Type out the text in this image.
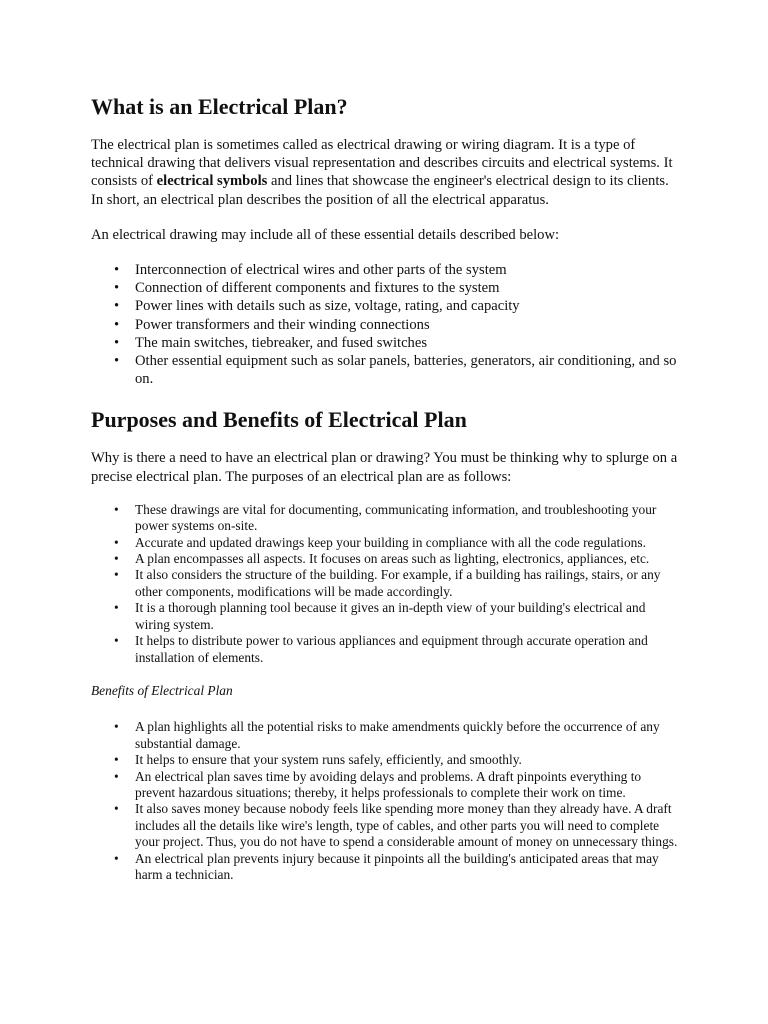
What is an Electrical Plan?

The electrical plan is sometimes called as electrical drawing or wiring diagram. It is a type of technical drawing that delivers visual representation and describes circuits and electrical systems. It consists of electrical symbols and lines that showcase the engineer's electrical design to its clients. In short, an electrical plan describes the position of all the electrical apparatus.

An electrical drawing may include all of these essential details described below:

• Interconnection of electrical wires and other parts of the system
• Connection of different components and fixtures to the system
• Power lines with details such as size, voltage, rating, and capacity
• Power transformers and their winding connections
• The main switches, tiebreaker, and fused switches
• Other essential equipment such as solar panels, batteries, generators, air conditioning, and so on.
Purposes and Benefits of Electrical Plan

Why is there a need to have an electrical plan or drawing? You must be thinking why to splurge on a precise electrical plan. The purposes of an electrical plan are as follows:

• These drawings are vital for documenting, communicating information, and troubleshooting your power systems on-site.
• Accurate and updated drawings keep your building in compliance with all the code regulations.
• A plan encompasses all aspects. It focuses on areas such as lighting, electronics, appliances, etc.
• It also considers the structure of the building. For example, if a building has railings, stairs, or any other components, modifications will be made accordingly.
• It is a thorough planning tool because it gives an in-depth view of your building's electrical and wiring system.
• It helps to distribute power to various appliances and equipment through accurate operation and installation of elements.

Benefits of Electrical Plan

• A plan highlights all the potential risks to make amendments quickly before the occurrence of any substantial damage.
• It helps to ensure that your system runs safely, efficiently, and smoothly.
• An electrical plan saves time by avoiding delays and problems. A draft pinpoints everything to prevent hazardous situations; thereby, it helps professionals to complete their work on time.
• It also saves money because nobody feels like spending more money than they already have. A draft includes all the details like wire's length, type of cables, and other parts you will need to complete your project. Thus, you do not have to spend a considerable amount of money on unnecessary things.
• An electrical plan prevents injury because it pinpoints all the building's anticipated areas that may harm a technician.
